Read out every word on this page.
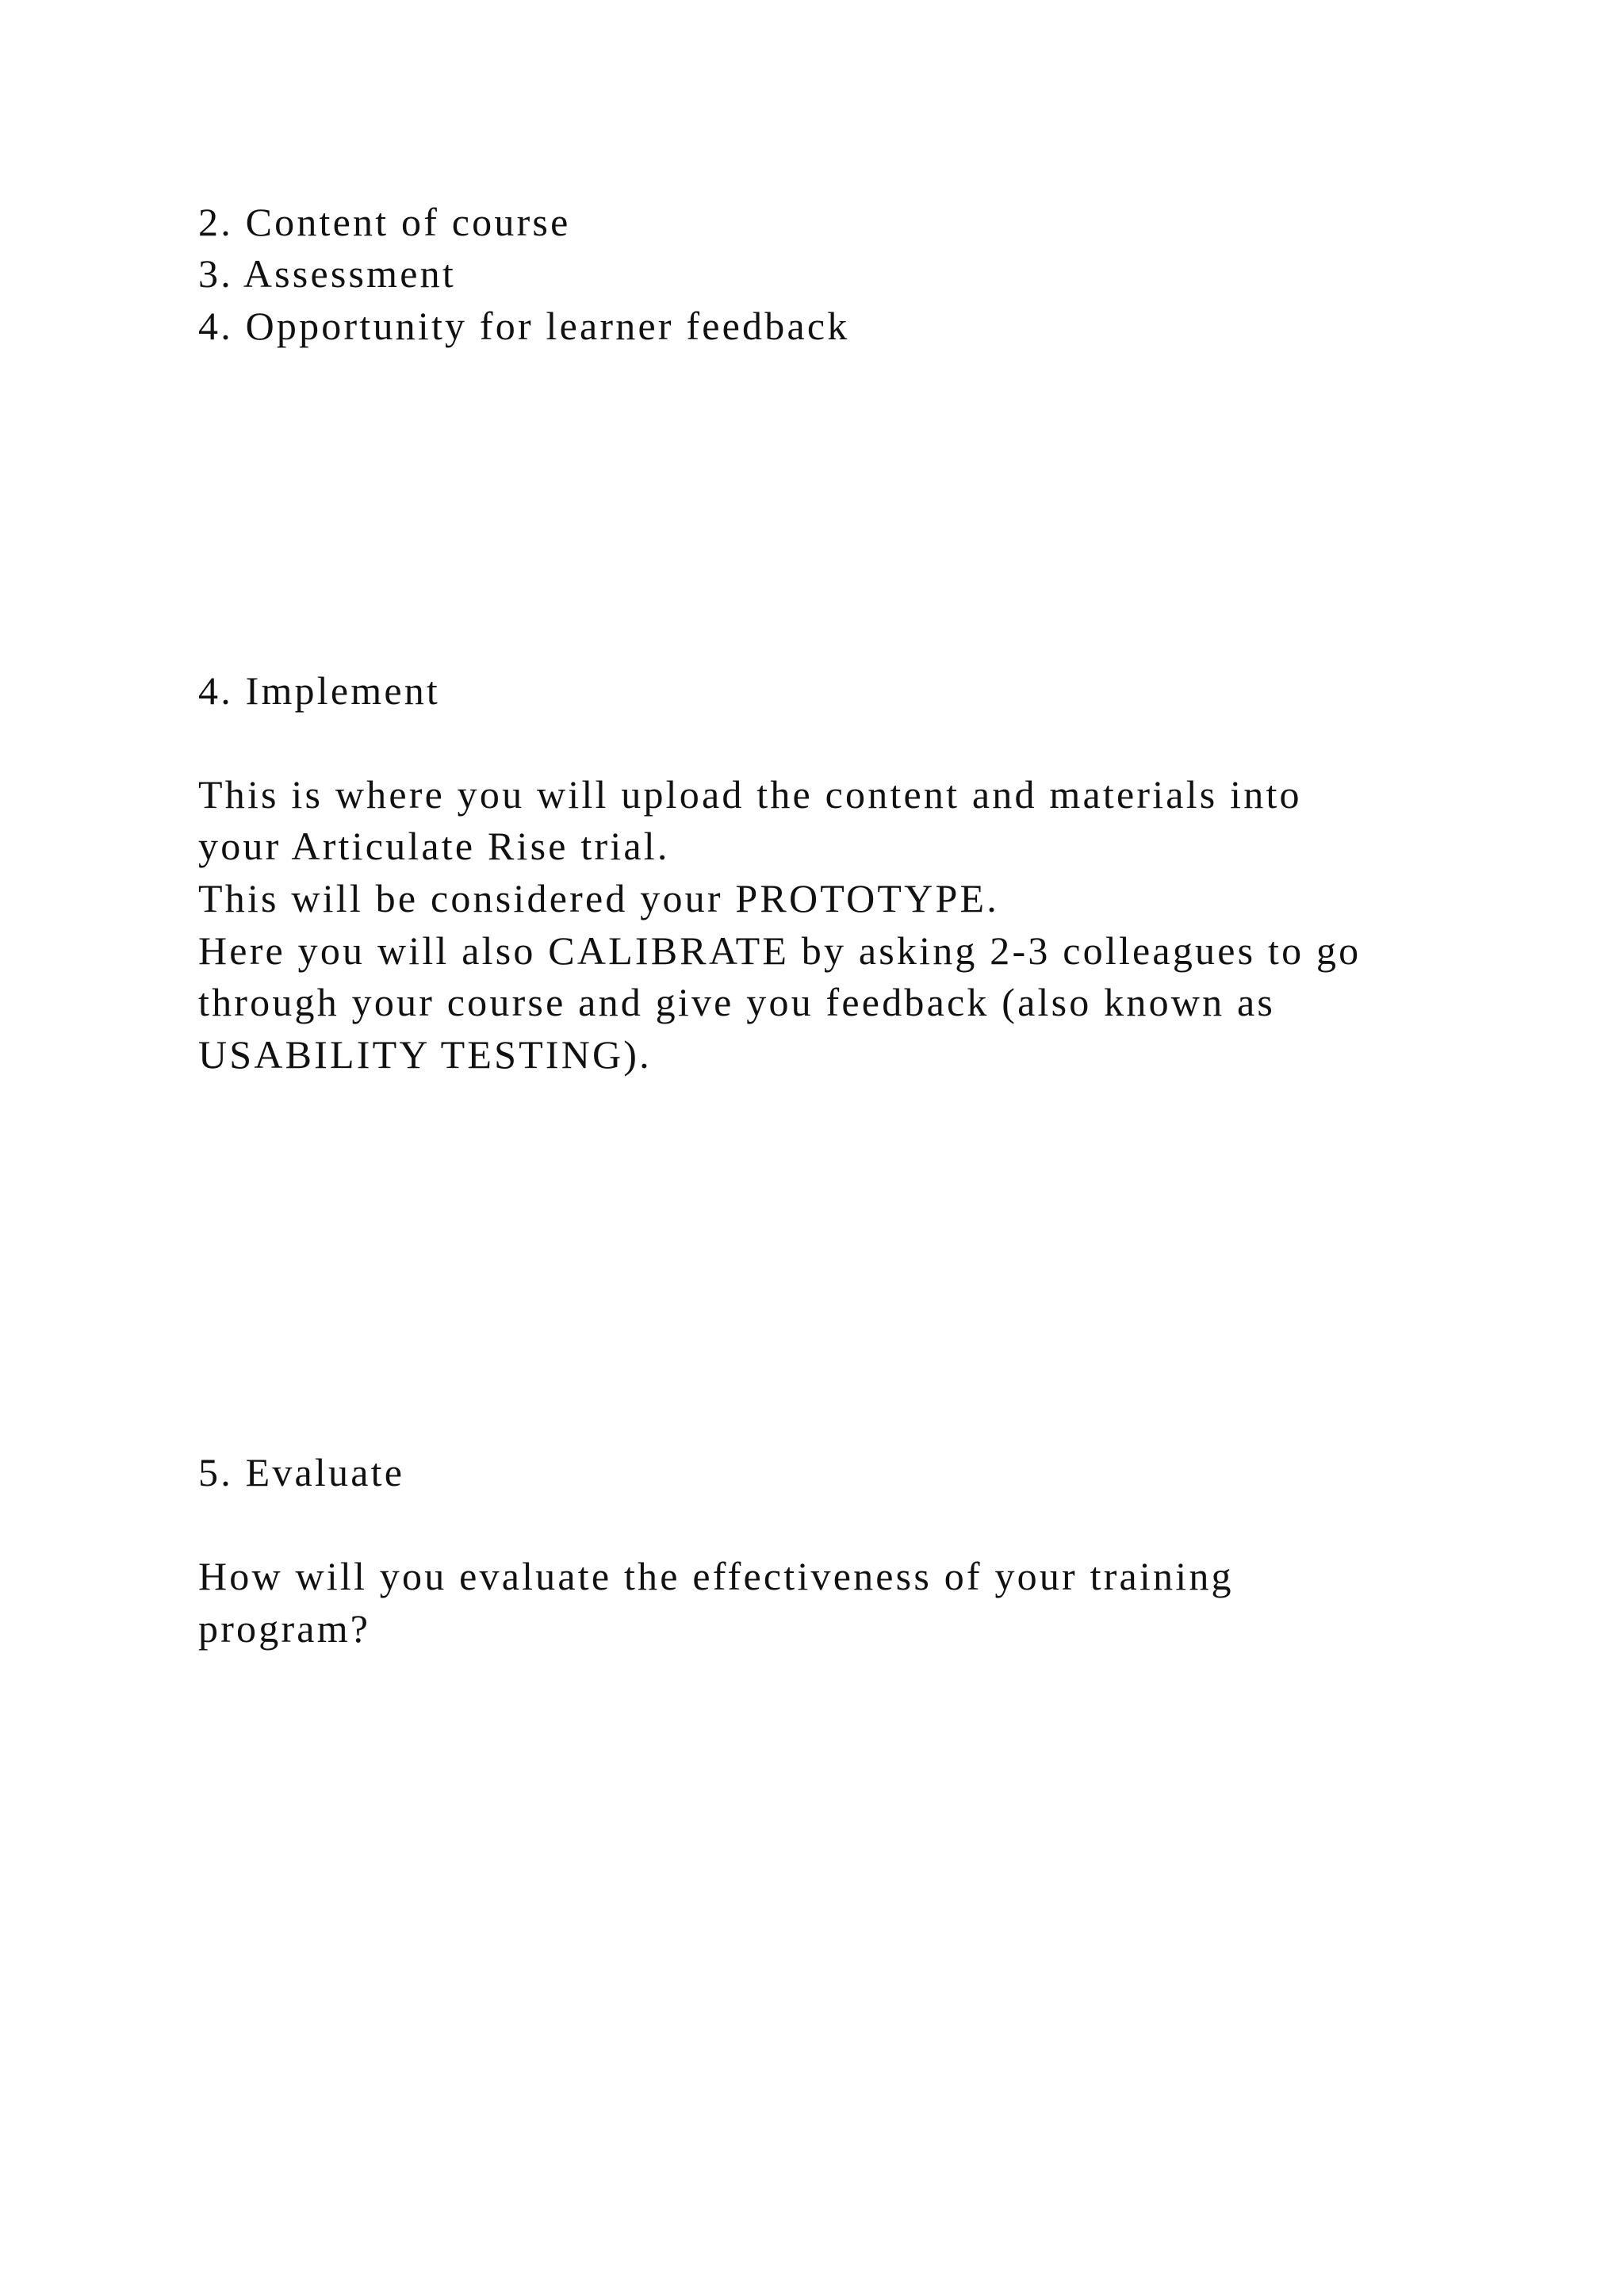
2. Content of course
3. Assessment
4. Opportunity for learner feedback
4. Implement
This is where you will upload the content and materials into
your Articulate Rise trial.
This will be considered your PROTOTYPE.
Here you will also CALIBRATE by asking 2-3 colleagues to go
through your course and give you feedback (also known as
USABILITY TESTING).
5. Evaluate
How will you evaluate the effectiveness of your training
program?
